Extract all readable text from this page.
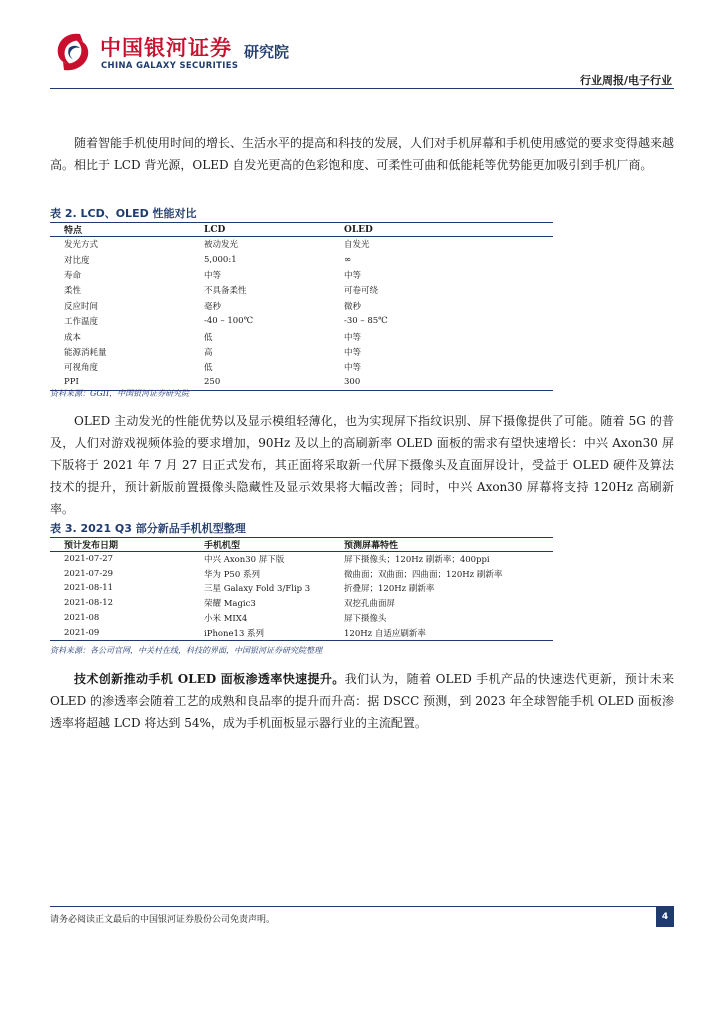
中国银河证券 研究院
CHINA GALAXY SECURITIES
行业周报/电子行业

随着智能手机使用时间的增长、生活水平的提高和科技的发展，人们对手机屏幕和手机使用感觉的要求变得越来越高。相比于 LCD 背光源，OLED 自发光更高的色彩饱和度、可柔性可曲和低能耗等优势能更加吸引到手机厂商。

表 2. LCD、OLED 性能对比
特点	LCD	OLED
发光方式	被动发光	自发光
对比度	5,000:1	∞
寿命	中等	中等
柔性	不具备柔性	可卷可绕
反应时间	毫秒	微秒
工作温度	-40 – 100℃	-30 – 85℃
成本	低	中等
能源消耗量	高	中等
可视角度	低	中等
PPI	250	300
资料来源：GGII，中国银河证券研究院

OLED 主动发光的性能优势以及显示模组轻薄化，也为实现屏下指纹识别、屏下摄像提供了可能。随着 5G 的普及，人们对游戏视频体验的要求增加，90Hz 及以上的高刷新率 OLED 面板的需求有望快速增长：中兴 Axon30 屏下版将于 2021 年 7 月 27 日正式发布，其正面将采取新一代屏下摄像头及直面屏设计，受益于 OLED 硬件及算法技术的提升，预计新版前置摄像头隐藏性及显示效果将大幅改善；同时，中兴 Axon30 屏幕将支持 120Hz 高刷新率。

表 3. 2021 Q3 部分新品手机机型整理
预计发布日期	手机机型	预测屏幕特性
2021-07-27	中兴 Axon30 屏下版	屏下摄像头；120Hz 刷新率；400ppi
2021-07-29	华为 P50 系列	微曲面；双曲面；四曲面；120Hz 刷新率
2021-08-11	三星 Galaxy Fold 3/Flip 3	折叠屏；120Hz 刷新率
2021-08-12	荣耀 Magic3	双挖孔曲面屏
2021-08	小米 MIX4	屏下摄像头
2021-09	iPhone13 系列	120Hz 自适应刷新率
资料来源：各公司官网，中关村在线，科技的界面，中国银河证券研究院整理

技术创新推动手机 OLED 面板渗透率快速提升。我们认为，随着 OLED 手机产品的快速迭代更新，预计未来 OLED 的渗透率会随着工艺的成熟和良品率的提升而升高：据 DSCC 预测，到 2023 年全球智能手机 OLED 面板渗透率将超越 LCD 将达到 54%，成为手机面板显示器行业的主流配置。

请务必阅读正文最后的中国银河证券股份公司免责声明。	4
